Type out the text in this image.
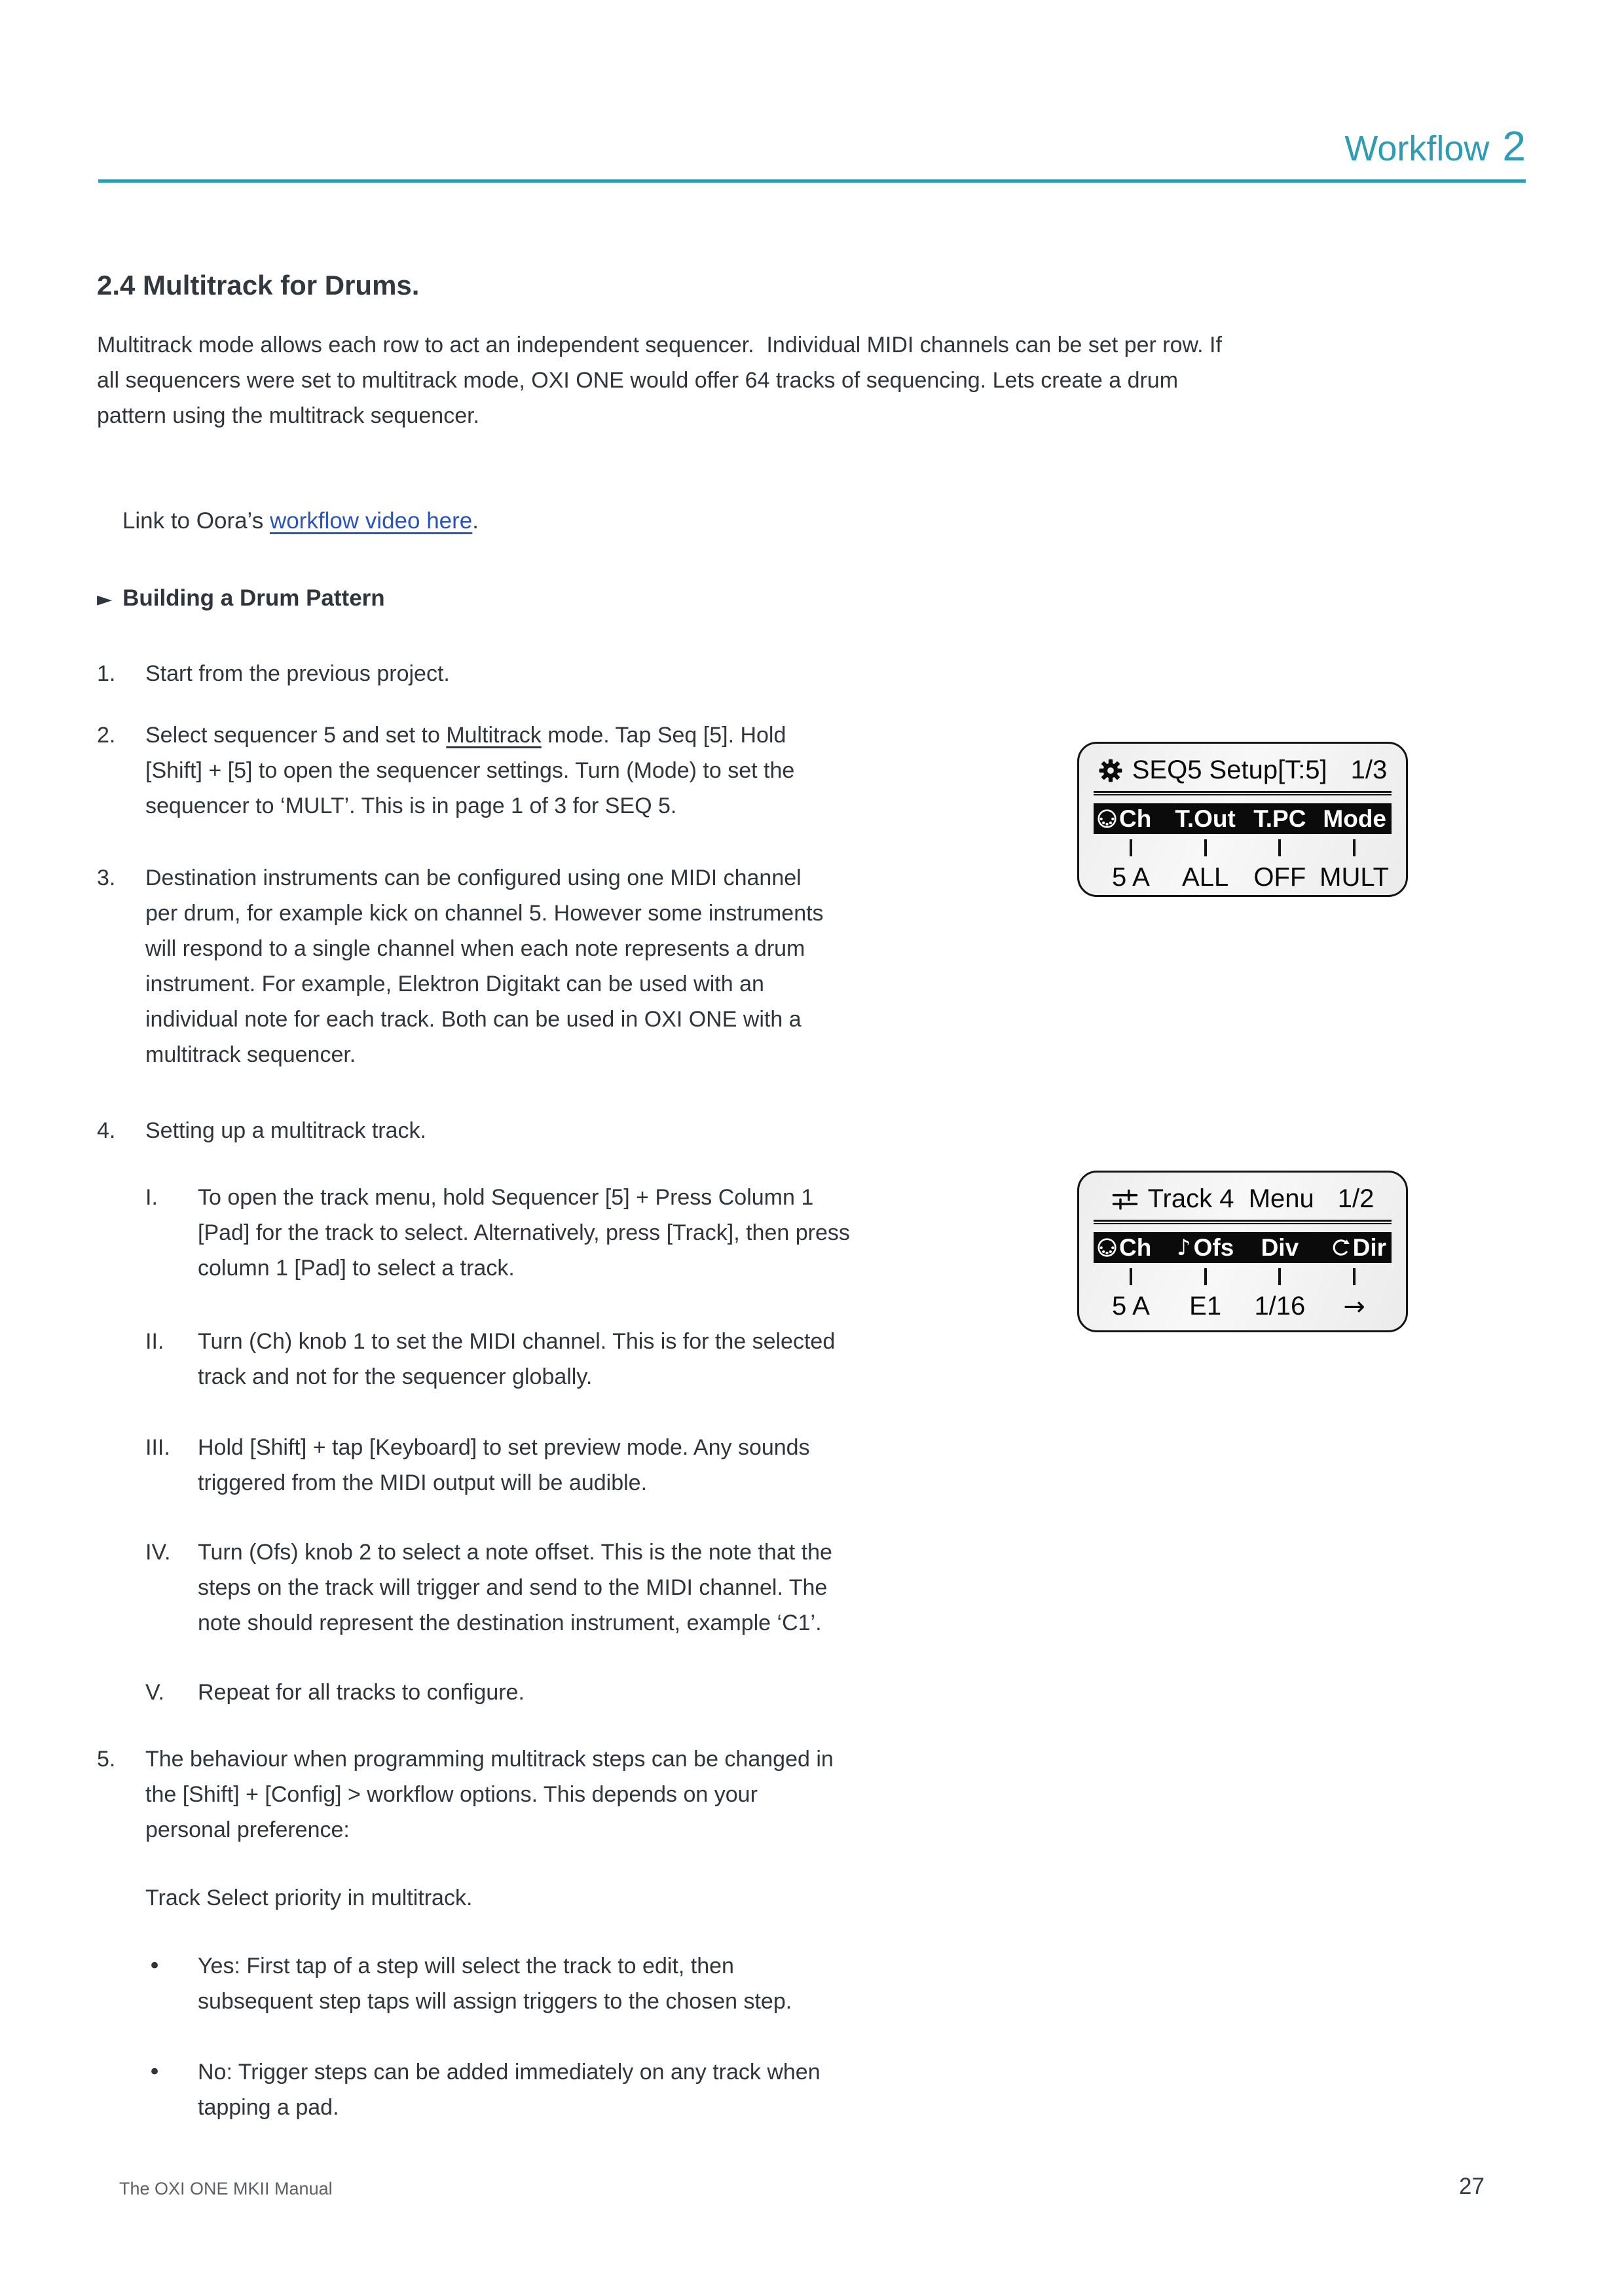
Workflow 2
2.4 Multitrack for Drums.
Multitrack mode allows each row to act an independent sequencer.  Individual MIDI channels can be set per row. If
all sequencers were set to multitrack mode, OXI ONE would offer 64 tracks of sequencing. Lets create a drum
pattern using the multitrack sequencer.

Link to Oora’s workflow video here.

► Building a Drum Pattern
1.	Start from the previous project.
2.	Select sequencer 5 and set to Multitrack mode. Tap Seq [5]. Hold
[Shift] + [5] to open the sequencer settings. Turn (Mode) to set the
sequencer to ‘MULT’. This is in page 1 of 3 for SEQ 5.
3.	Destination instruments can be configured using one MIDI channel
per drum, for example kick on channel 5. However some instruments
will respond to a single channel when each note represents a drum
instrument. For example, Elektron Digitakt can be used with an
individual note for each track. Both can be used in OXI ONE with a
multitrack sequencer.
4.	Setting up a multitrack track.
I.	To open the track menu, hold Sequencer [5] + Press Column 1
[Pad] for the track to select. Alternatively, press [Track], then press
column 1 [Pad] to select a track.
II.	Turn (Ch) knob 1 to set the MIDI channel. This is for the selected
track and not for the sequencer globally.
III.	Hold [Shift] + tap [Keyboard] to set preview mode. Any sounds
triggered from the MIDI output will be audible.
IV.	Turn (Ofs) knob 2 to select a note offset. This is the note that the
steps on the track will trigger and send to the MIDI channel. The
note should represent the destination instrument, example ‘C1’.
V.	Repeat for all tracks to configure.
5.	The behaviour when programming multitrack steps can be changed in
the [Shift] + [Config] > workflow options. This depends on your
personal preference:
Track Select priority in multitrack.
•	Yes: First tap of a step will select the track to edit, then
subsequent step taps will assign triggers to the chosen step.
•	No: Trigger steps can be added immediately on any track when
tapping a pad.
SEQ5 Setup[T:5] 1/3
Ch T.Out T.PC Mode
5 A	ALL OFF MULT
Track 4  Menu 1/2
Ch ♪ Ofs	Div	Dir
5 A	E1	1/16	→
The OXI ONE MKII Manual	27
